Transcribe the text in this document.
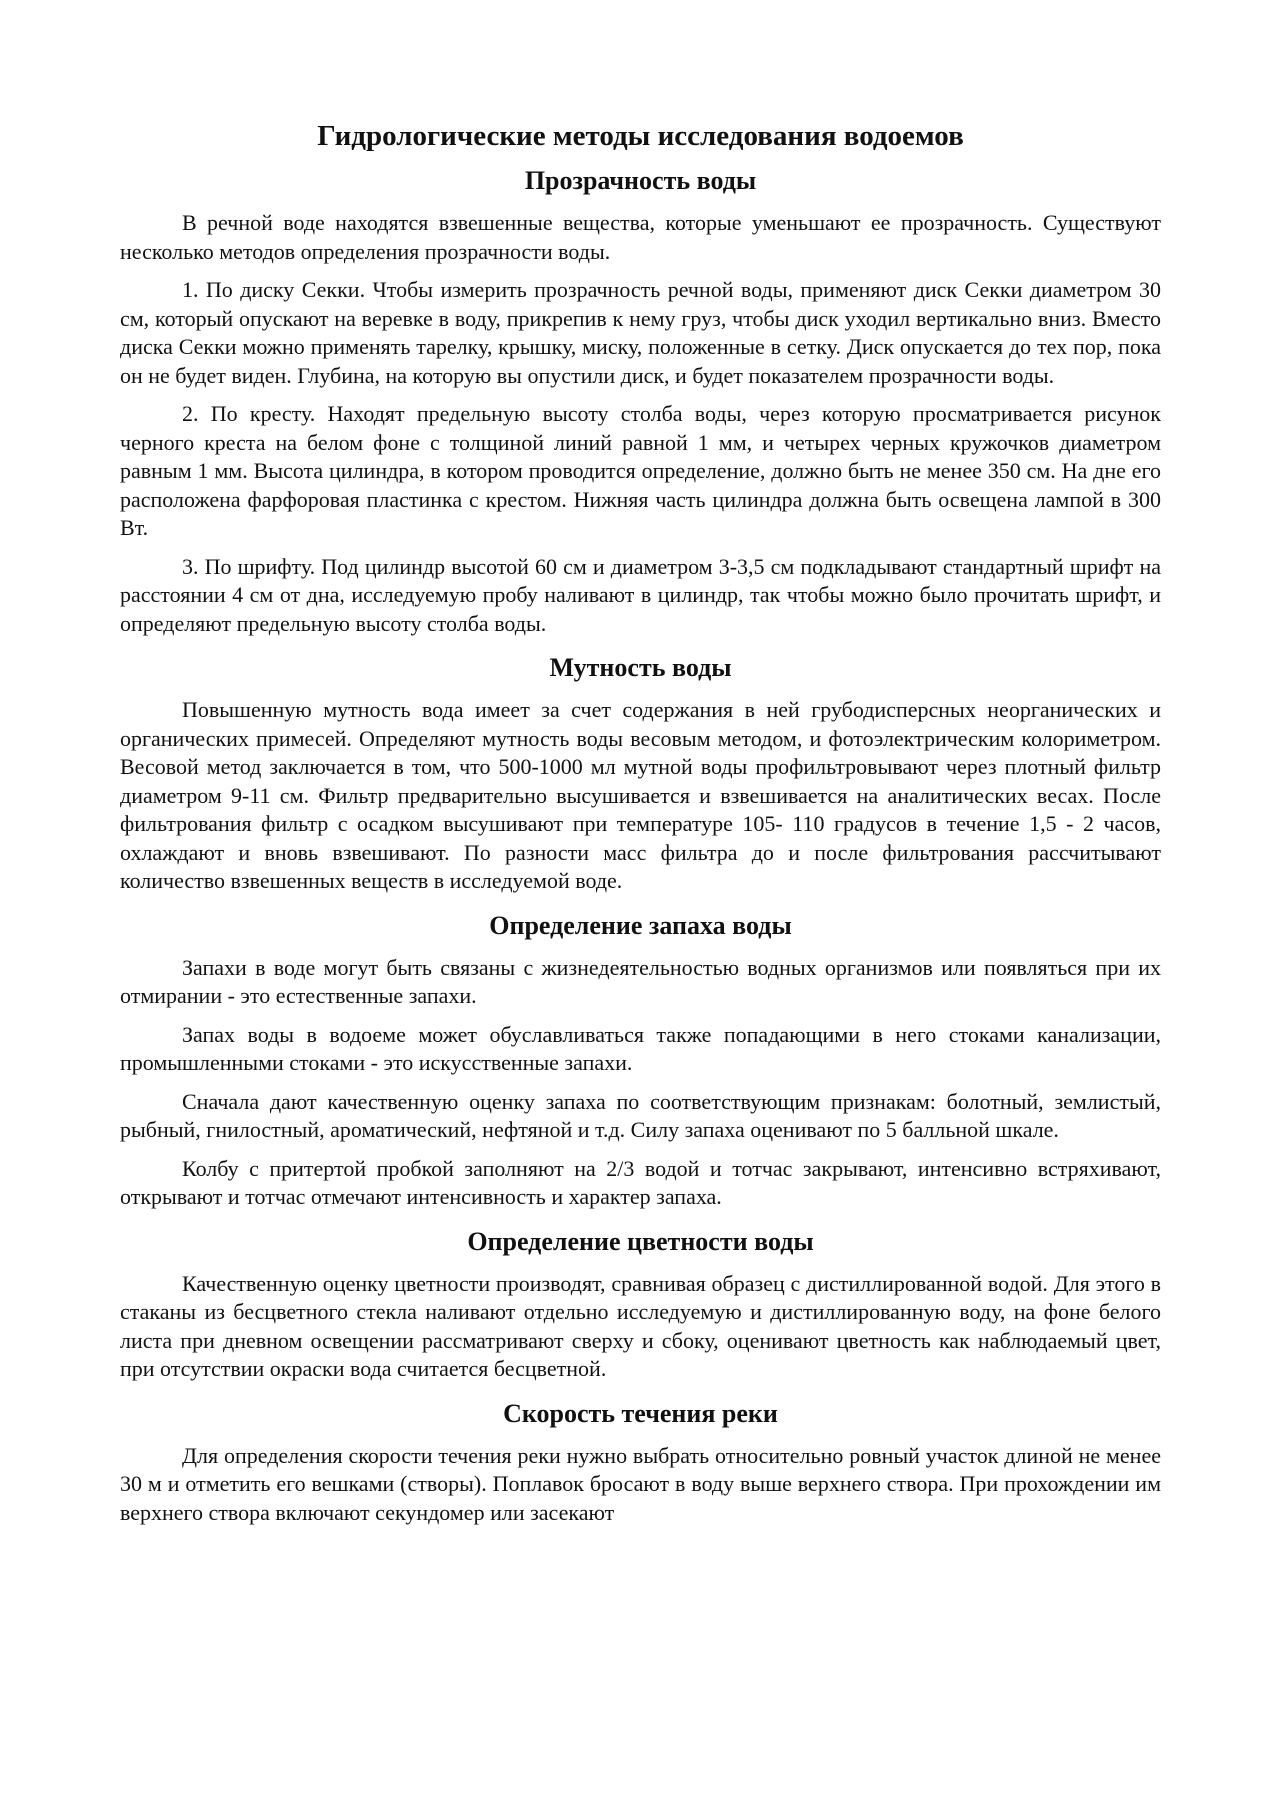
Гидрологические методы исследования водоемов
Прозрачность воды

В речной воде находятся взвешенные вещества, которые уменьшают ее прозрачность. Существуют несколько методов определения прозрачности воды.

1. По диску Секки. Чтобы измерить прозрачность речной воды, применяют диск Секки диаметром 30 см, который опускают на веревке в воду, прикрепив к нему груз, чтобы диск уходил вертикально вниз. Вместо диска Секки можно применять тарелку, крышку, миску, положенные в сетку. Диск опускается до тех пор, пока он не будет виден. Глубина, на которую вы опустили диск, и будет показателем прозрачности воды.

2. По кресту. Находят предельную высоту столба воды, через которую просматривается рисунок черного креста на белом фоне с толщиной линий равной 1 мм, и четырех черных кружочков диаметром равным 1 мм. Высота цилиндра, в котором проводится определение, должно быть не менее 350 см. На дне его расположена фарфоровая пластинка с крестом. Нижняя часть цилиндра должна быть освещена лампой в 300 Вт.

3. По шрифту. Под цилиндр высотой 60 см и диаметром 3-3,5 см подкладывают стандартный шрифт на расстоянии 4 см от дна, исследуемую пробу наливают в цилиндр, так чтобы можно было прочитать шрифт, и определяют предельную высоту столба воды.

Мутность воды

Повышенную мутность вода имеет за счет содержания в ней грубодисперсных неорганических и органических примесей. Определяют мутность воды весовым методом, и фотоэлектрическим колориметром. Весовой метод заключается в том, что 500-1000 мл мутной воды профильтровывают через плотный фильтр диаметром 9-11 см. Фильтр предварительно высушивается и взвешивается на аналитических весах. После фильтрования фильтр с осадком высушивают при температуре 105- 110 градусов в течение 1,5 - 2 часов, охлаждают и вновь взвешивают. По разности масс фильтра до и после фильтрования рассчитывают количество взвешенных веществ в исследуемой воде.

Определение запаха воды

Запахи в воде могут быть связаны с жизнедеятельностью водных организмов или появляться при их отмирании - это естественные запахи.

Запах воды в водоеме может обуславливаться также попадающими в него стоками канализации, промышленными стоками - это искусственные запахи.

Сначала дают качественную оценку запаха по соответствующим признакам: болотный, землистый, рыбный, гнилостный, ароматический, нефтяной и т.д. Силу запаха оценивают по 5 балльной шкале.

Колбу с притертой пробкой заполняют на 2/3 водой и тотчас закрывают, интенсивно встряхивают, открывают и тотчас отмечают интенсивность и характер запаха.

Определение цветности воды

Качественную оценку цветности производят, сравнивая образец с дистиллированной водой. Для этого в стаканы из бесцветного стекла наливают отдельно исследуемую и дистиллированную воду, на фоне белого листа при дневном освещении рассматривают сверху и сбоку, оценивают цветность как наблюдаемый цвет, при отсутствии окраски вода считается бесцветной.

Скорость течения реки

Для определения скорости течения реки нужно выбрать относительно ровный участок длиной не менее 30 м и отметить его вешками (створы). Поплавок бросают в воду выше верхнего створа. При прохождении им верхнего створа включают секундомер или засекают
